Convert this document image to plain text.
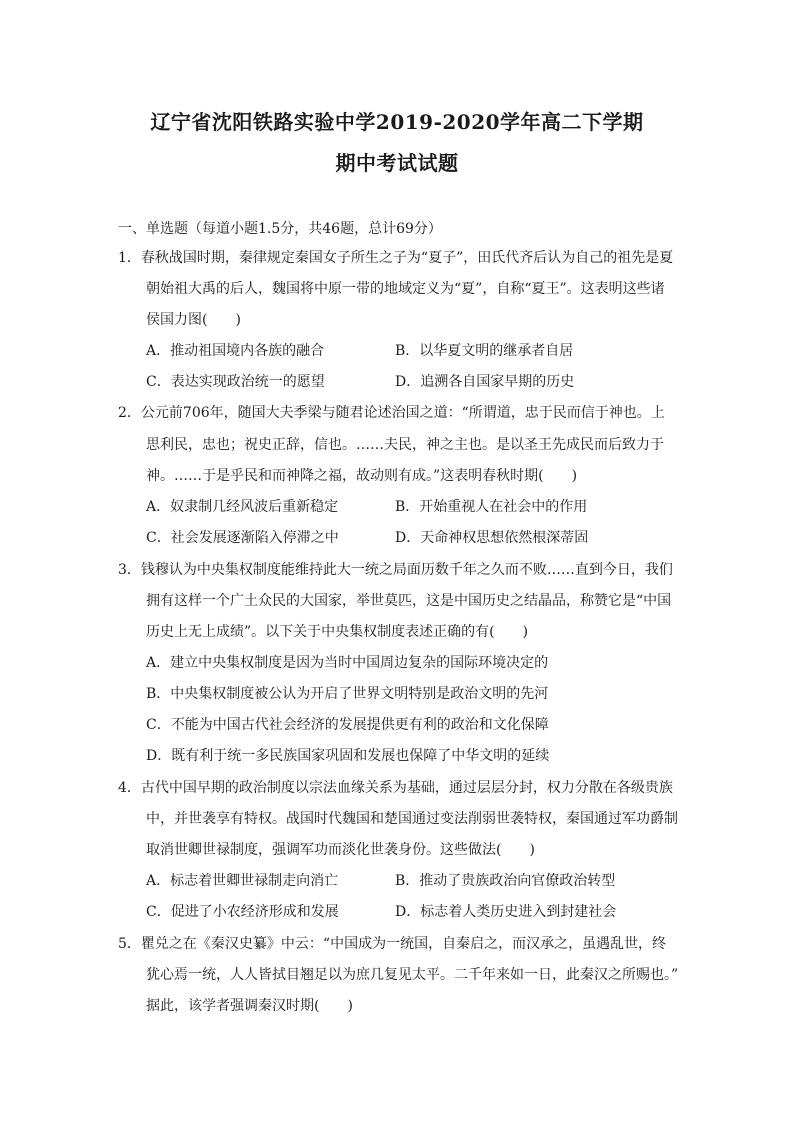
辽宁省沈阳铁路实验中学2019-2020学年高二下学期
期中考试试题
一、单选题（每道小题1.5分，共46题，总计69分）
1．春秋战国时期，秦律规定秦国女子所生之子为“夏子”，田氏代齐后认为自己的祖先是夏
朝始祖大禹的后人，魏国将中原一带的地域定义为“夏”，自称“夏王”。这表明这些诸
侯国力图(　　)
A．推动祖国境内各族的融合	B．以华夏文明的继承者自居
C．表达实现政治统一的愿望	D．追溯各自国家早期的历史
2．公元前706年，随国大夫季梁与随君论述治国之道：“所谓道，忠于民而信于神也。上
思利民，忠也；祝史正辞，信也。……夫民，神之主也。是以圣王先成民而后致力于
神。……于是乎民和而神降之福，故动则有成。”这表明春秋时期(　　)
A．奴隶制几经风波后重新稳定	B．开始重视人在社会中的作用
C．社会发展逐渐陷入停滞之中	D．天命神权思想依然根深蒂固
3．钱穆认为中央集权制度能维持此大一统之局面历数千年之久而不败……直到今日，我们
拥有这样一个广土众民的大国家，举世莫匹，这是中国历史之结晶品，称赞它是“中国
历史上无上成绩”。以下关于中央集权制度表述正确的有(　　)
A．建立中央集权制度是因为当时中国周边复杂的国际环境决定的
B．中央集权制度被公认为开启了世界文明特别是政治文明的先河
C．不能为中国古代社会经济的发展提供更有利的政治和文化保障
D．既有利于统一多民族国家巩固和发展也保障了中华文明的延续
4．古代中国早期的政治制度以宗法血缘关系为基础，通过层层分封，权力分散在各级贵族
中，并世袭享有特权。战国时代魏国和楚国通过变法削弱世袭特权，秦国通过军功爵制
取消世卿世禄制度，强调军功而淡化世袭身份。这些做法(　　)
A．标志着世卿世禄制走向消亡	B．推动了贵族政治向官僚政治转型
C．促进了小农经济形成和发展	D．标志着人类历史进入到封建社会
5．瞿兑之在《秦汉史纂》中云：“中国成为一统国，自秦启之，而汉承之，虽遇乱世，终
犹心焉一统，人人皆拭目翘足以为庶几复见太平。二千年来如一日，此秦汉之所赐也。”
据此，该学者强调秦汉时期(　　)
